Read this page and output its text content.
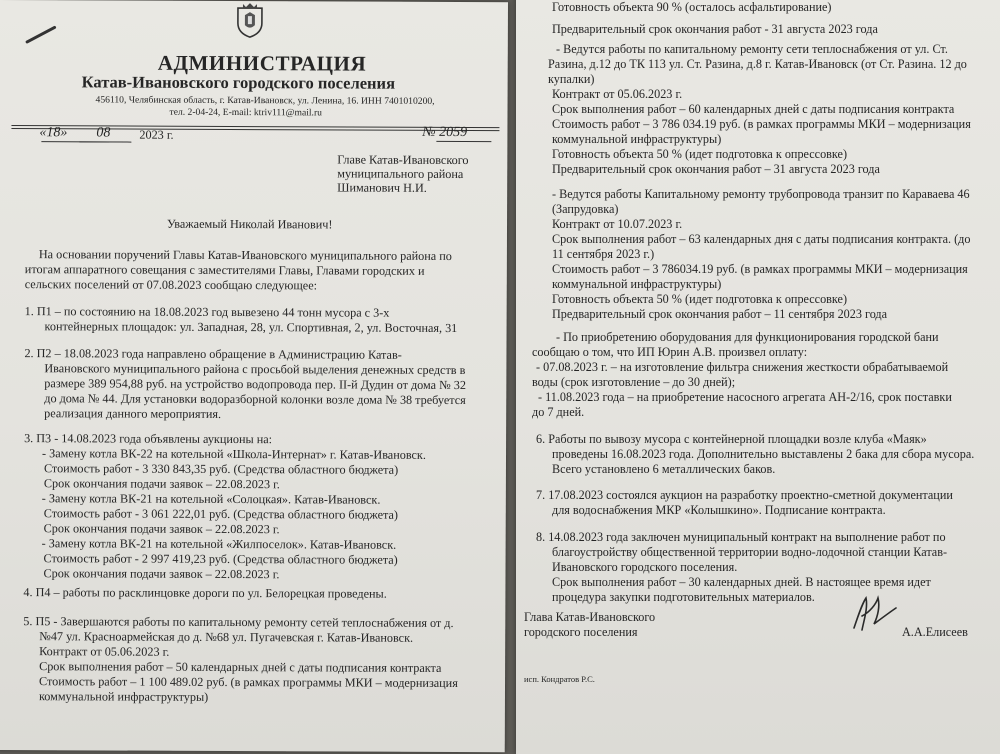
АДМИНИСТРАЦИЯ
Катав-Ивановского городского поселения
456110, Челябинская область, г. Катав-Ивановск, ул. Ленина, 16. ИНН 7401010200,
тел. 2-04-24, E-mail: ktriv111@mail.ru
«18» 08 2023 г.	№ 2059
Главе Катав-Ивановского
муниципального района
Шиманович Н.И.
Уважаемый Николай Иванович!
На основании поручений Главы Катав-Ивановского муниципального района по
итогам аппаратного совещания с заместителями Главы, Главами городских и
сельских поселений от 07.08.2023 сообщаю следующее:
1. П1 – по состоянию на 18.08.2023 год вывезено 44 тонн мусора с 3-х
контейнерных площадок: ул. Западная, 28, ул. Спортивная, 2, ул. Восточная, 31
2. П2 – 18.08.2023 года направлено обращение в Администрацию Катав-
Ивановского муниципального района с просьбой выделения денежных средств в
размере 389 954,88 руб. на устройство водопровода пер. II-й Дудин от дома № 32
до дома № 44. Для установки водоразборной колонки возле дома № 38 требуется
реализация данного мероприятия.
3. П3 - 14.08.2023 года объявлены аукционы на:
- Замену котла ВК-22 на котельной «Школа-Интернат» г. Катав-Ивановск.
Стоимость работ - 3 330 843,35 руб. (Средства областного бюджета)
Срок окончания подачи заявок – 22.08.2023 г.
- Замену котла ВК-21 на котельной «Солоцкая». Катав-Ивановск.
Стоимость работ - 3 061 222,01 руб. (Средства областного бюджета)
Срок окончания подачи заявок – 22.08.2023 г.
- Замену котла ВК-21 на котельной «Жилпоселок». Катав-Ивановск.
Стоимость работ - 2 997 419,23 руб. (Средства областного бюджета)
Срок окончания подачи заявок – 22.08.2023 г.
4. П4 – работы по расклинцовке дороги по ул. Белорецкая проведены.
5. П5 - Завершаются работы по капитальному ремонту сетей теплоснабжения от д.
№47 ул. Красноармейская до д. №68 ул. Пугачевская г. Катав-Ивановск.
Контракт от 05.06.2023 г.
Срок выполнения работ – 50 календарных дней с даты подписания контракта
Стоимость работ – 1 100 489.02 руб. (в рамках программы МКИ – модернизация
коммунальной инфраструктуры)
Готовность объекта 90 % (осталось асфальтирование)
Предварительный срок окончания работ - 31 августа 2023 года
- Ведутся работы по капитальному ремонту сети теплоснабжения от ул. Ст.
Разина, д.12 до ТК 113 ул. Ст. Разина, д.8 г. Катав-Ивановск (от Ст. Разина. 12 до
купалки)
Контракт от 05.06.2023 г.
Срок выполнения работ – 60 календарных дней с даты подписания контракта
Стоимость работ – 3 786 034.19 руб. (в рамках программы МКИ – модернизация
коммунальной инфраструктуры)
Готовность объекта 50 % (идет подготовка к опрессовке)
Предварительный срок окончания работ – 31 августа 2023 года
- Ведутся работы Капитальному ремонту трубопровода транзит по Караваева 46
(Запрудовка)
Контракт от 10.07.2023 г.
Срок выполнения работ – 63 календарных дня с даты подписания контракта. (до
11 сентября 2023 г.)
Стоимость работ – 3 786034.19 руб. (в рамках программы МКИ – модернизация
коммунальной инфраструктуры)
Готовность объекта 50 % (идет подготовка к опрессовке)
Предварительный срок окончания работ – 11 сентября 2023 года
- По приобретению оборудования для функционирования городской бани
сообщаю о том, что ИП Юрин А.В. произвел оплату:
- 07.08.2023 г. – на изготовление фильтра снижения жесткости обрабатываемой
воды (срок изготовление – до 30 дней);
- 11.08.2023 года – на приобретение насосного агрегата АН-2/16, срок поставки
до 7 дней.
6. Работы по вывозу мусора с контейнерной площадки возле клуба «Маяк»
проведены 16.08.2023 года. Дополнительно выставлены 2 бака для сбора мусора.
Всего установлено 6 металлических баков.
7. 17.08.2023 состоялся аукцион на разработку проектно-сметной документации
для водоснабжения МКР «Колышкино». Подписание контракта.
8. 14.08.2023 года заключен муниципальный контракт на выполнение работ по
благоустройству общественной территории водно-лодочной станции Катав-
Ивановского городского поселения.
Срок выполнения работ – 30 календарных дней. В настоящее время идет
процедура закупки подготовительных материалов.
Глава Катав-Ивановского
городского поселения	А.А.Елисеев
исп. Кондратов Р.С.
